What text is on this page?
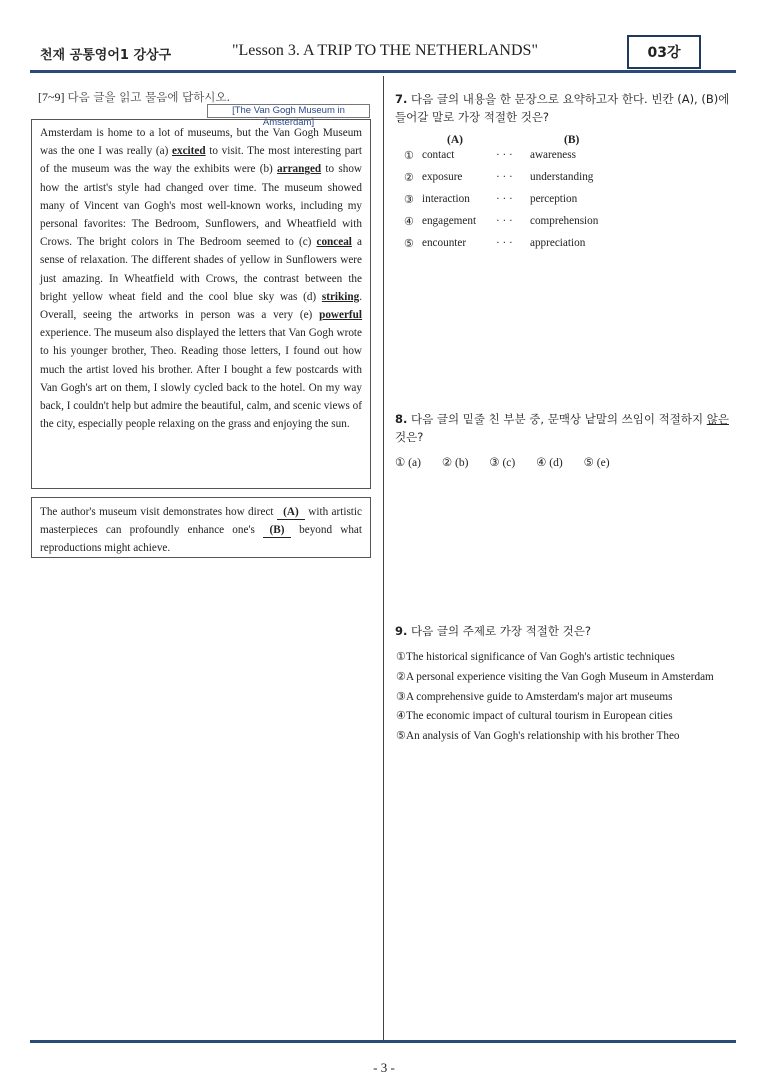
천재 공통영어1 강상구	"Lesson 3. A TRIP TO THE NETHERLANDS"	03강
[7~9] 다음 글을 읽고 물음에 답하시오.
[The Van Gogh Museum in Amsterdam]
Amsterdam is home to a lot of museums, but the Van Gogh Museum was the one I was really (a) excited to visit. The most interesting part of the museum was the way the exhibits were (b) arranged to show how the artist's style had changed over time. The museum showed many of Vincent van Gogh's most well-known works, including my personal favorites: The Bedroom, Sunflowers, and Wheatfield with Crows. The bright colors in The Bedroom seemed to (c) conceal a sense of relaxation. The different shades of yellow in Sunflowers were just amazing. In Wheatfield with Crows, the contrast between the bright yellow wheat field and the cool blue sky was (d) striking. Overall, seeing the artworks in person was a very (e) powerful experience. The museum also displayed the letters that Van Gogh wrote to his younger brother, Theo. Reading those letters, I found out how much the artist loved his brother. After I bought a few postcards with Van Gogh's art on them, I slowly cycled back to the hotel. On my way back, I couldn't help but admire the beautiful, calm, and scenic views of the city, especially people relaxing on the grass and enjoying the sun.
The author's museum visit demonstrates how direct (A) with artistic masterpieces can profoundly enhance one's (B) beyond what reproductions might achieve.
7. 다음 글의 내용을 한 문장으로 요약하고자 한다. 빈칸 (A), (B)에 들어갈 말로 가장 적절한 것은?
(A)	(B)
① contact	· · · awareness
② exposure	· · · understanding
③ interaction · · · perception
④ engagement · · · comprehension
⑤ encounter	· · · appreciation
8. 다음 글의 밑줄 친 부분 중, 문맥상 낱말의 쓰임이 적절하지 않은 것은?
① (a) ② (b) ③ (c) ④ (d) ⑤ (e)
9. 다음 글의 주제로 가장 적절한 것은?
①The historical significance of Van Gogh's artistic techniques
②A personal experience visiting the Van Gogh Museum in Amsterdam
③A comprehensive guide to Amsterdam's major art museums
④The economic impact of cultural tourism in European cities
⑤An analysis of Van Gogh's relationship with his brother Theo
- 3 -
